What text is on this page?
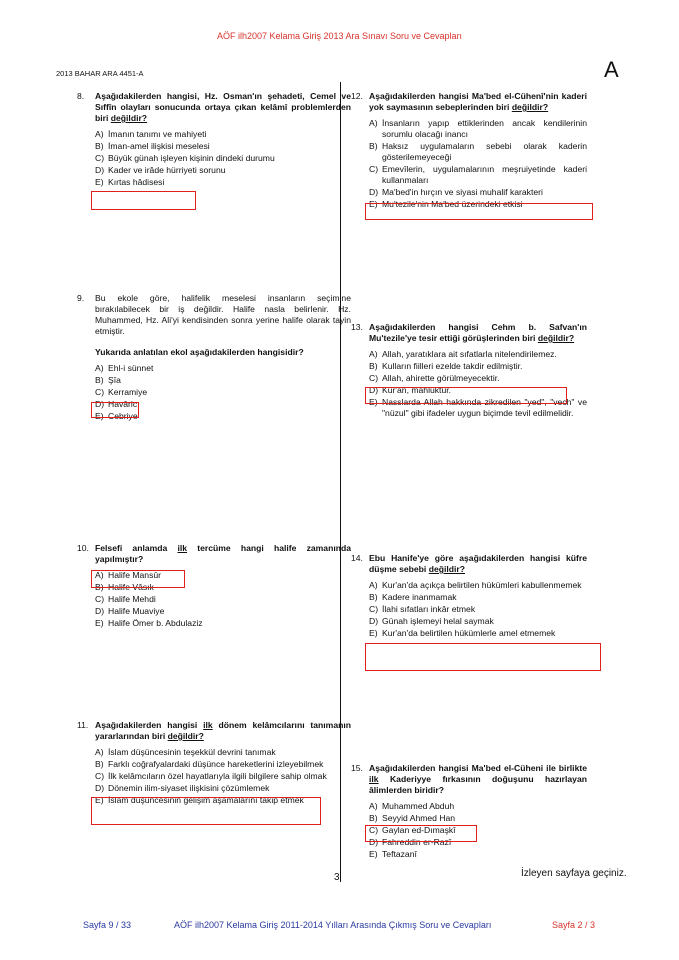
AÖF ilh2007 Kelama Giriş 2013 Ara Sınavı Soru ve Cevapları
2013 BAHAR ARA 4451-A	A
8. Aşağıdakilerden hangisi, Hz. Osman'ın şehadeti, Cemel ve Sıffîn olayları sonucunda ortaya çıkan kelâmî problemlerden biri değildir?
A) İmanın tanımı ve mahiyeti
B) İman-amel ilişkisi meselesi
C) Büyük günah işleyen kişinin dindeki durumu
D) Kader ve irâde hürriyeti sorunu
E) Kırtas hâdisesi
9. Bu ekole göre, halifelik meselesi insanların seçimine bırakılabilecek bir iş değildir. Halife nasla belirlenir. Hz. Muhammed, Hz. Ali'yi kendisinden sonra yerine halife olarak tayin etmiştir.
Yukarıda anlatılan ekol aşağıdakilerden hangisidir?
A) Ehl-i sünnet
B) Şîa
C) Kerramiye
D) Havâric
E) Cebriye
10. Felsefi anlamda ilk tercüme hangi halife zamanında yapılmıştır?
A) Halife Mansûr
B) Halife Vâsık
C) Halife Mehdi
D) Halife Muaviye
E) Halife Ömer b. Abdulaziz
11. Aşağıdakilerden hangisi ilk dönem kelâmcılarını tanımanın yararlarından biri değildir?
A) İslam düşüncesinin teşekkül devrini tanımak
B) Farklı coğrafyalardaki düşünce hareketlerini izleyebilmek
C) İlk kelâmcıların özel hayatlarıyla ilgili bilgilere sahip olmak
D) Dönemin ilim-siyaset ilişkisini çözümlemek
E) İslam düşüncesinin gelişim aşamalarını takip etmek
12. Aşağıdakilerden hangisi Ma'bed el-Cühenî'nin kaderi yok saymasının sebeplerinden biri değildir?
A) İnsanların yapıp ettiklerinden ancak kendilerinin sorumlu olacağı inancı
B) Haksız uygulamaların sebebi olarak kaderin gösterilemeyeceği
C) Emevîlerin, uygulamalarının meşruiyetinde kaderi kullanmaları
D) Ma'bed'in hırçın ve siyasi muhalif karakteri
E) Mu'tezile'nin Ma'bed üzerindeki etkisi
13. Aşağıdakilerden hangisi Cehm b. Safvan'ın Mu'tezile'ye tesir ettiği görüşlerinden biri değildir?
A) Allah, yaratıklara ait sıfatlarla nitelendirilemez.
B) Kulların fiilleri ezelde takdir edilmiştir.
C) Allah, ahirette görülmeyecektir.
D) Kur'an, mahlûktur.
E) Nasslarda Allah hakkında zikredilen "yed", "vech" ve "nüzul" gibi ifadeler uygun biçimde tevil edilmelidir.
14. Ebu Hanife'ye göre aşağıdakilerden hangisi küfre düşme sebebi değildir?
A) Kur'an'da açıkça belirtilen hükümleri kabullenmemek
B) Kadere inanmamak
C) İlahi sıfatları inkâr etmek
D) Günah işlemeyi helal saymak
E) Kur'an'da belirtilen hükümlerle amel etmemek
15. Aşağıdakilerden hangisi Ma'bed el-Cüheni ile birlikte ilk Kaderiyye fırkasının doğuşunu hazırlayan âlimlerden biridir?
A) Muhammed Abduh
B) Seyyid Ahmed Han
C) Gaylan ed-Dımaşkî
D) Fahreddin er-Razî
E) Teftazanî
3	İzleyen sayfaya geçiniz.
Sayfa 9 / 33	AÖF ilh2007 Kelama Giriş 2011-2014 Yılları Arasında Çıkmış Soru ve Cevapları	Sayfa 2 / 3
